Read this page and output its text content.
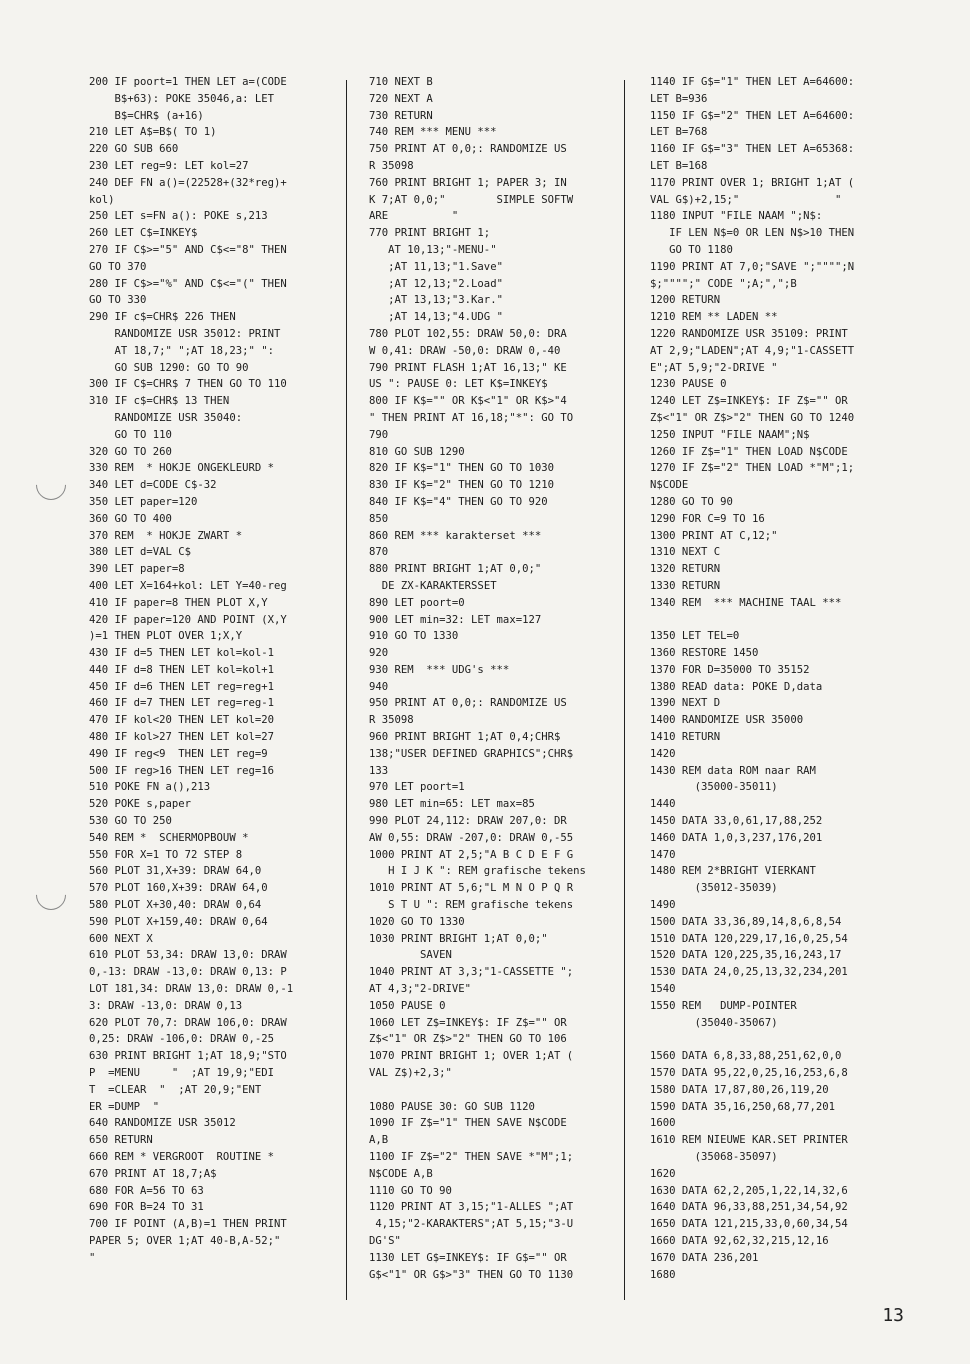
200 IF poort=1 THEN LET a=(CODE
B$+63): POKE 35046,a: LET
B$=CHR$ (a+16)
210 LET A$=B$( TO 1)
220 GO SUB 660
230 LET reg=9: LET kol=27
240 DEF FN a()=(22528+(32*reg)+
kol)
250 LET s=FN a(): POKE s,213
260 LET C$=INKEY$
270 IF C$>="5" AND C$<="8" THEN
GO TO 370
280 IF C$>="%" AND C$<="(" THEN
GO TO 330
290 IF c$=CHR$ 226 THEN
RANDOMIZE USR 35012: PRINT
AT 18,7;" ";AT 18,23;" ":
GO SUB 1290: GO TO 90
300 IF C$=CHR$ 7 THEN GO TO 110
310 IF c$=CHR$ 13 THEN
RANDOMIZE USR 35040:
GO TO 110
320 GO TO 260
330 REM  * HOKJE ONGEKLEURD *
340 LET d=CODE C$-32
350 LET paper=120
360 GO TO 400
370 REM  * HOKJE ZWART *
380 LET d=VAL C$
390 LET paper=8
400 LET X=164+kol: LET Y=40-reg
410 IF paper=8 THEN PLOT X,Y
420 IF paper=120 AND POINT (X,Y
)=1 THEN PLOT OVER 1;X,Y
430 IF d=5 THEN LET kol=kol-1
440 IF d=8 THEN LET kol=kol+1
450 IF d=6 THEN LET reg=reg+1
460 IF d=7 THEN LET reg=reg-1
470 IF kol<20 THEN LET kol=20
480 IF kol>27 THEN LET kol=27
490 IF reg<9  THEN LET reg=9
500 IF reg>16 THEN LET reg=16
510 POKE FN a(),213
520 POKE s,paper
530 GO TO 250
540 REM *  SCHERMOPBOUW *
550 FOR X=1 TO 72 STEP 8
560 PLOT 31,X+39: DRAW 64,0
570 PLOT 160,X+39: DRAW 64,0
580 PLOT X+30,40: DRAW 0,64
590 PLOT X+159,40: DRAW 0,64
600 NEXT X
610 PLOT 53,34: DRAW 13,0: DRAW
0,-13: DRAW -13,0: DRAW 0,13: P
LOT 181,34: DRAW 13,0: DRAW 0,-1
3: DRAW -13,0: DRAW 0,13
620 PLOT 70,7: DRAW 106,0: DRAW
0,25: DRAW -106,0: DRAW 0,-25
630 PRINT BRIGHT 1;AT 18,9;"STO
P  =MENU     "  ;AT 19,9;"EDI
T  =CLEAR  "  ;AT 20,9;"ENT
ER =DUMP  "
640 RANDOMIZE USR 35012
650 RETURN
660 REM * VERGROOT  ROUTINE *
670 PRINT AT 18,7;A$
680 FOR A=56 TO 63
690 FOR B=24 TO 31
700 IF POINT (A,B)=1 THEN PRINT
PAPER 5; OVER 1;AT 40-B,A-52;"
"
710 NEXT B
720 NEXT A
730 RETURN
740 REM *** MENU ***
750 PRINT AT 0,0;: RANDOMIZE US
R 35098
760 PRINT BRIGHT 1; PAPER 3; IN
K 7;AT 0,0;"        SIMPLE SOFTW
ARE          "
770 PRINT BRIGHT 1;
AT 10,13;"-MENU-"
;AT 11,13;"1.Save"
;AT 12,13;"2.Load"
;AT 13,13;"3.Kar."
;AT 14,13;"4.UDG "
780 PLOT 102,55: DRAW 50,0: DRA
W 0,41: DRAW -50,0: DRAW 0,-40
790 PRINT FLASH 1;AT 16,13;" KE
US ": PAUSE 0: LET K$=INKEY$
800 IF K$="" OR K$<"1" OR K$>"4
" THEN PRINT AT 16,18;"*": GO TO
790
810 GO SUB 1290
820 IF K$="1" THEN GO TO 1030
830 IF K$="2" THEN GO TO 1210
840 IF K$="4" THEN GO TO 920
850
860 REM *** karakterset ***
870
880 PRINT BRIGHT 1;AT 0,0;"
DE ZX-KARAKTERSSET
890 LET poort=0
900 LET min=32: LET max=127
910 GO TO 1330
920
930 REM  *** UDG's ***
940
950 PRINT AT 0,0;: RANDOMIZE US
R 35098
960 PRINT BRIGHT 1;AT 0,4;CHR$
138;"USER DEFINED GRAPHICS";CHR$
133
970 LET poort=1
980 LET min=65: LET max=85
990 PLOT 24,112: DRAW 207,0: DR
AW 0,55: DRAW -207,0: DRAW 0,-55
1000 PRINT AT 2,5;"A B C D E F G
H I J K ": REM grafische tekens
1010 PRINT AT 5,6;"L M N O P Q R
S T U ": REM grafische tekens
1020 GO TO 1330
1030 PRINT BRIGHT 1;AT 0,0;"
SAVEN
1040 PRINT AT 3,3;"1-CASSETTE ";
AT 4,3;"2-DRIVE"
1050 PAUSE 0
1060 LET Z$=INKEY$: IF Z$="" OR
Z$<"1" OR Z$>"2" THEN GO TO 106
1070 PRINT BRIGHT 1; OVER 1;AT (
VAL Z$)+2,3;"
1080 PAUSE 30: GO SUB 1120
1090 IF Z$="1" THEN SAVE N$CODE
A,B
1100 IF Z$="2" THEN SAVE *"M";1;
N$CODE A,B
1110 GO TO 90
1120 PRINT AT 3,15;"1-ALLES ";AT
4,15;"2-KARAKTERS";AT 5,15;"3-U
DG'S"
1130 LET G$=INKEY$: IF G$="" OR
G$<"1" OR G$>"3" THEN GO TO 1130
1140 IF G$="1" THEN LET A=64600:
LET B=936
1150 IF G$="2" THEN LET A=64600:
LET B=768
1160 IF G$="3" THEN LET A=65368:
LET B=168
1170 PRINT OVER 1; BRIGHT 1;AT (
VAL G$)+2,15;"               "
1180 INPUT "FILE NAAM ";N$:
IF LEN N$=0 OR LEN N$>10 THEN
GO TO 1180
1190 PRINT AT 7,0;"SAVE ";"""";N
$;"""";" CODE ";A;",";B
1200 RETURN
1210 REM ** LADEN **
1220 RANDOMIZE USR 35109: PRINT
AT 2,9;"LADEN";AT 4,9;"1-CASSETT
E";AT 5,9;"2-DRIVE "
1230 PAUSE 0
1240 LET Z$=INKEY$: IF Z$="" OR
Z$<"1" OR Z$>"2" THEN GO TO 1240
1250 INPUT "FILE NAAM";N$
1260 IF Z$="1" THEN LOAD N$CODE
1270 IF Z$="2" THEN LOAD *"M";1;
N$CODE
1280 GO TO 90
1290 FOR C=9 TO 16
1300 PRINT AT C,12;"
1310 NEXT C
1320 RETURN
1330 RETURN
1340 REM  *** MACHINE TAAL ***
1350 LET TEL=0
1360 RESTORE 1450
1370 FOR D=35000 TO 35152
1380 READ data: POKE D,data
1390 NEXT D
1400 RANDOMIZE USR 35000
1410 RETURN
1420
1430 REM data ROM naar RAM
(35000-35011)
1440
1450 DATA 33,0,61,17,88,252
1460 DATA 1,0,3,237,176,201
1470
1480 REM 2*BRIGHT VIERKANT
(35012-35039)
1490
1500 DATA 33,36,89,14,8,6,8,54
1510 DATA 120,229,17,16,0,25,54
1520 DATA 120,225,35,16,243,17
1530 DATA 24,0,25,13,32,234,201
1540
1550 REM   DUMP-POINTER
(35040-35067)
1560 DATA 6,8,33,88,251,62,0,0
1570 DATA 95,22,0,25,16,253,6,8
1580 DATA 17,87,80,26,119,20
1590 DATA 35,16,250,68,77,201
1600
1610 REM NIEUWE KAR.SET PRINTER
(35068-35097)
1620
1630 DATA 62,2,205,1,22,14,32,6
1640 DATA 96,33,88,251,34,54,92
1650 DATA 121,215,33,0,60,34,54
1660 DATA 92,62,32,215,12,16
1670 DATA 236,201
1680
13
